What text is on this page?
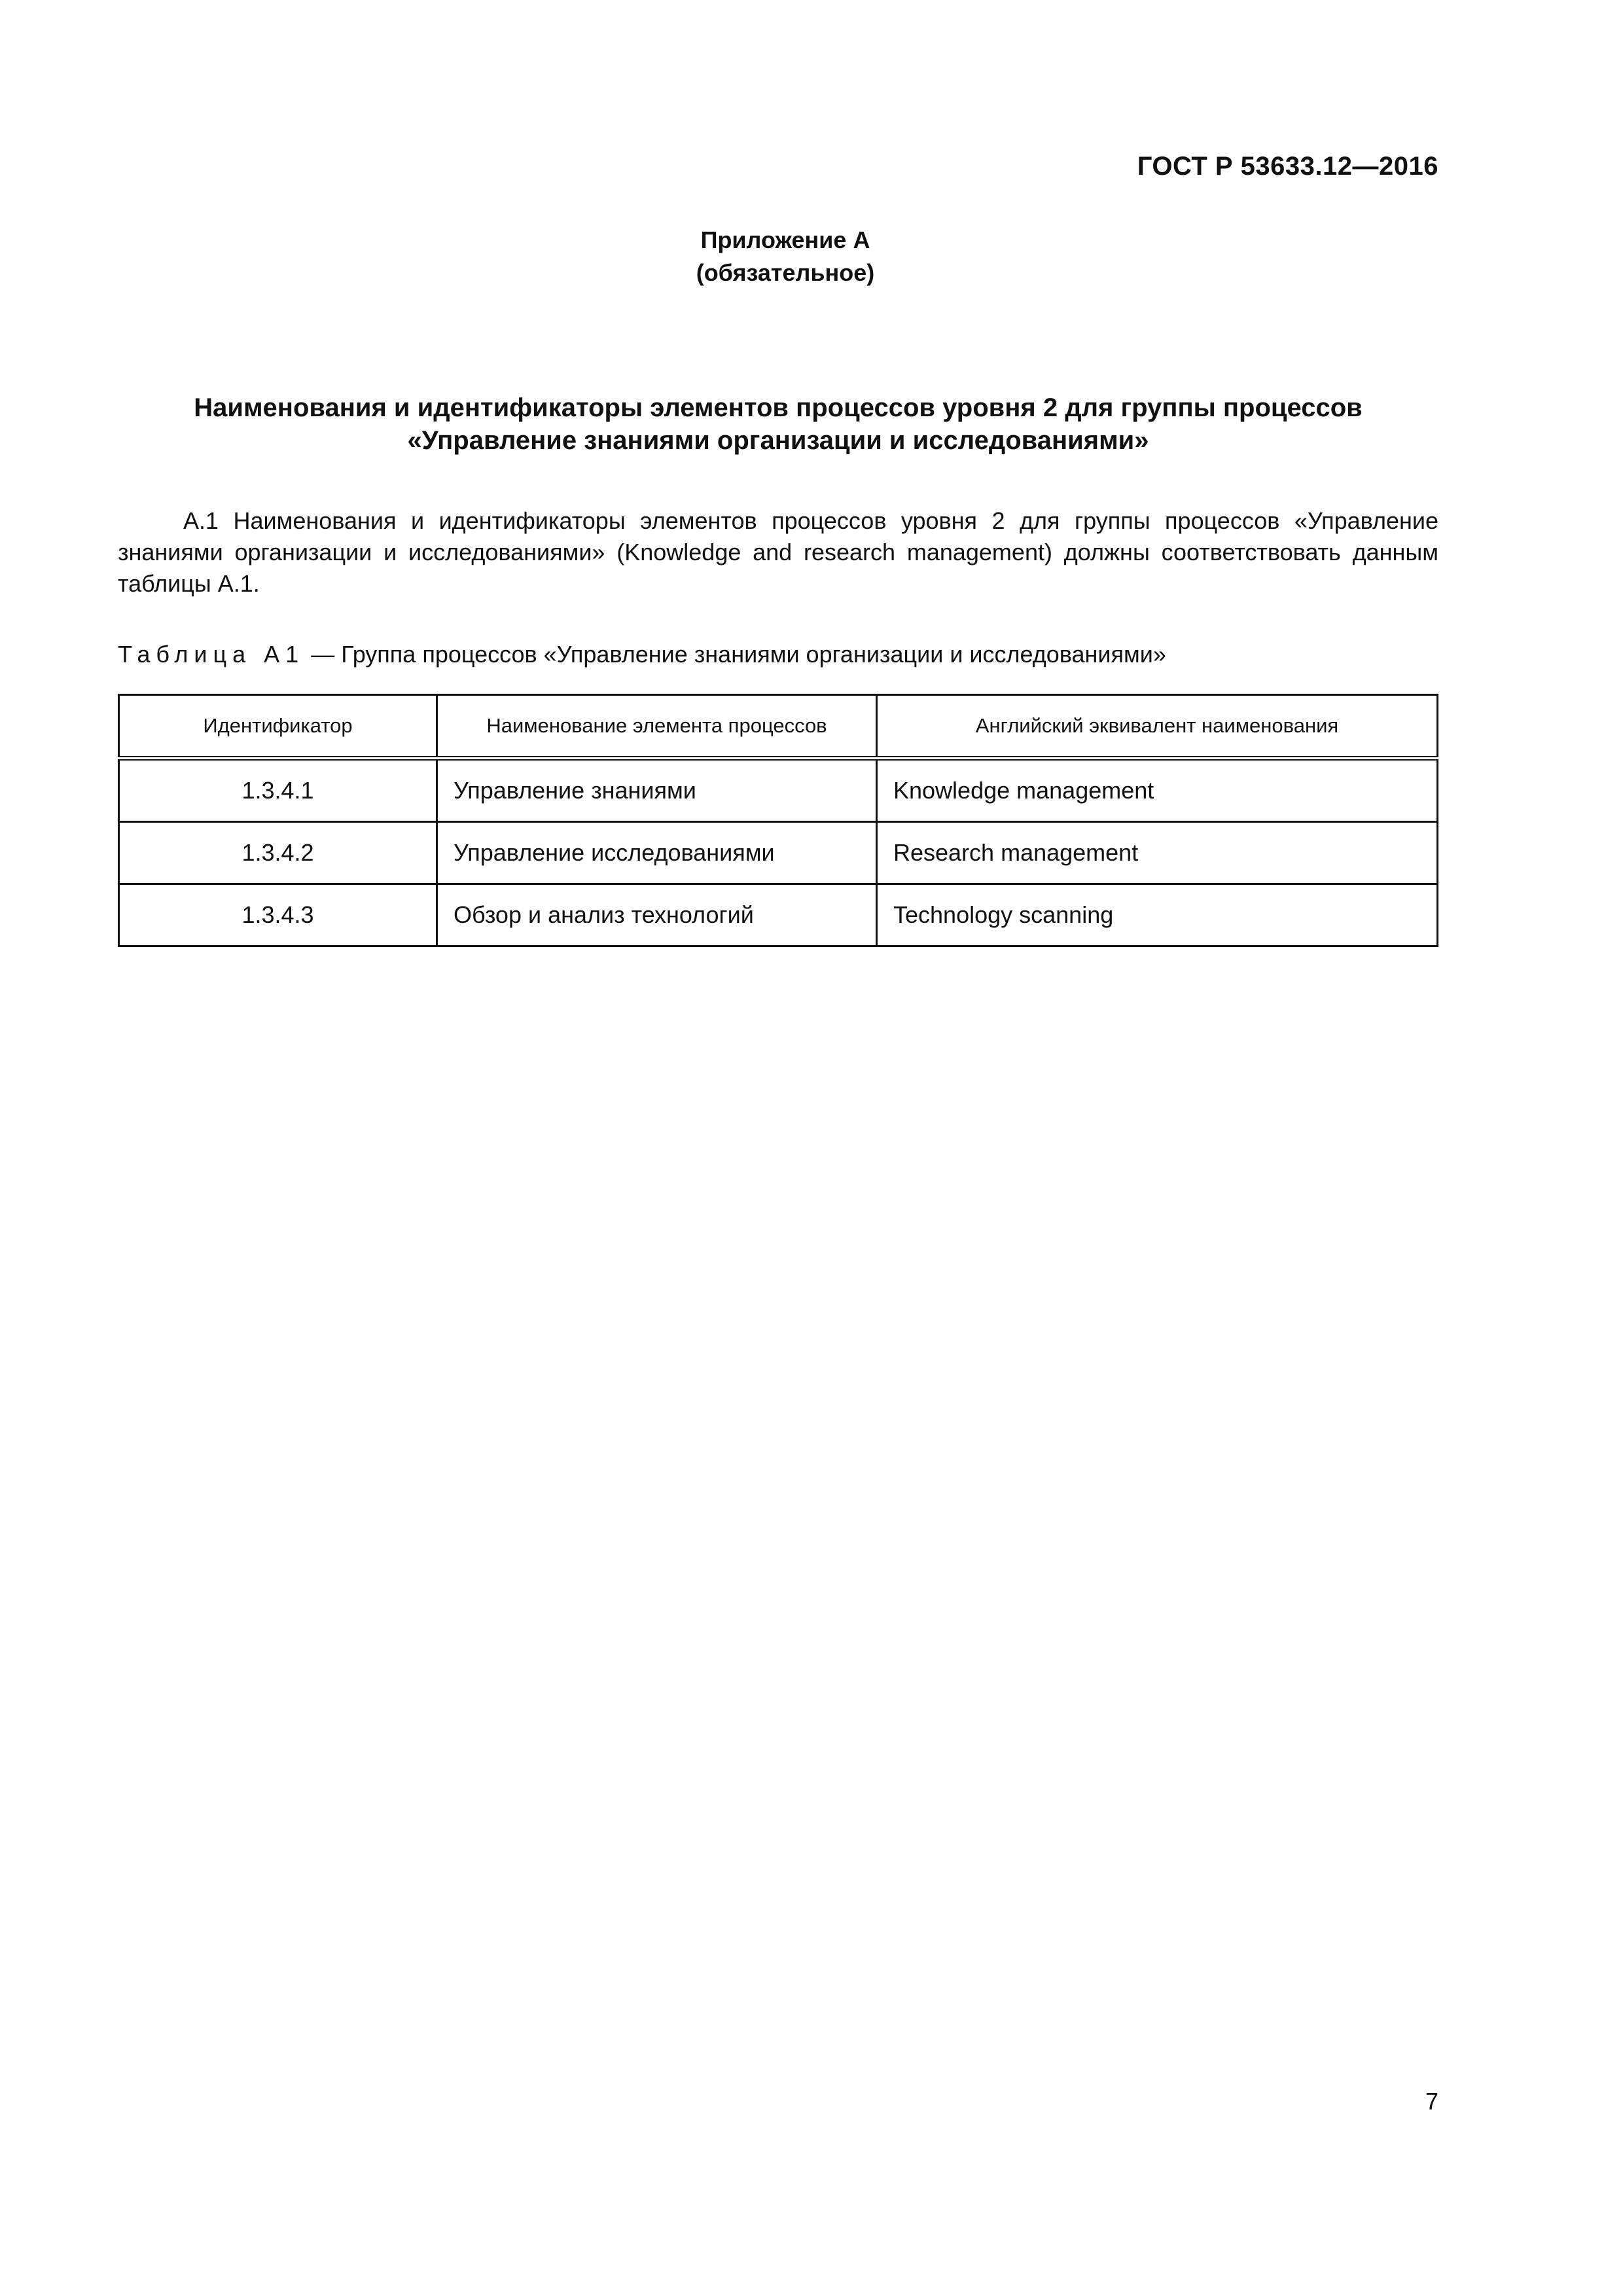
ГОСТ Р 53633.12—2016
Приложение А
(обязательное)
Наименования и идентификаторы элементов процессов уровня 2 для группы процессов
«Управление знаниями организации и исследованиями»
А.1 Наименования и идентификаторы элементов процессов уровня 2 для группы процессов «Управление знаниями организации и исследованиями» (Knowledge and research management) должны соответствовать данным таблицы А.1.
Таблица А1 — Группа процессов «Управление знаниями организации и исследованиями»
Идентификатор	Наименование элемента процессов	Английский эквивалент наименования
1.3.4.1	Управление знаниями	Knowledge management
1.3.4.2	Управление исследованиями	Research management
1.3.4.3	Обзор и анализ технологий	Technology scanning
7
